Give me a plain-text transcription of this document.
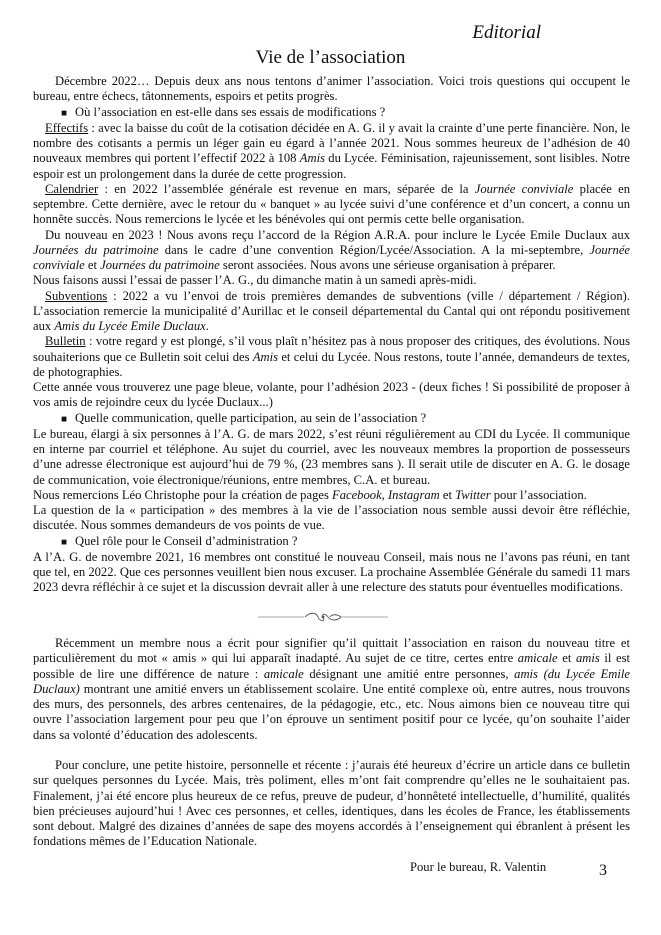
Editorial
Vie de l’association

Décembre 2022… Depuis deux ans nous tentons d’animer l’association. Voici trois questions qui occupent le bureau, entre échecs, tâtonnements, espoirs et petits progrès.

■ Où l’association en est-elle dans ses essais de modifications ?

Effectifs : avec la baisse du coût de la cotisation décidée en A. G. il y avait la crainte d’une perte financière. Non, le nombre des cotisants a permis un léger gain eu égard à l’année 2021. Nous sommes heureux de l’adhésion de 40 nouveaux membres qui portent l’effectif 2022 à 108 Amis du Lycée. Féminisation, rajeunissement, sont lisibles. Notre espoir est un prolongement dans la durée de cette progression.

Calendrier : en 2022 l’assemblée générale est revenue en mars, séparée de la Journée conviviale placée en septembre. Cette dernière, avec le retour du « banquet » au lycée suivi d’une conférence et d’un concert, a connu un honnête succès. Nous remercions le lycée et les bénévoles qui ont permis cette belle organisation.

Du nouveau en 2023 ! Nous avons reçu l’accord de la Région A.R.A. pour inclure le Lycée Emile Duclaux aux Journées du patrimoine dans le cadre d’une convention Région/Lycée/Association. A la mi-septembre, Journée conviviale et Journées du patrimoine seront associées. Nous avons une sérieuse organisation à préparer.

Nous faisons aussi l’essai de passer l’A. G., du dimanche matin à un samedi après-midi.

Subventions : 2022 a vu l’envoi de trois premières demandes de subventions (ville / département / Région). L’association remercie la municipalité d’Aurillac et le conseil départemental du Cantal qui ont répondu positivement aux Amis du Lycée Emile Duclaux.

Bulletin : votre regard y est plongé, s’il vous plaît n’hésitez pas à nous proposer des critiques, des évolutions. Nous souhaiterions que ce Bulletin soit celui des Amis et celui du Lycée. Nous restons, toute l’année, demandeurs de textes, de photographies.

Cette année vous trouverez une page bleue, volante, pour l’adhésion 2023 - (deux fiches ! Si possibilité de proposer à vos amis de rejoindre ceux du lycée Duclaux...)

■ Quelle communication, quelle participation, au sein de l’association ?

Le bureau, élargi à six personnes à l’A. G. de mars 2022, s’est réuni régulièrement au CDI du Lycée. Il communique en interne par courriel et téléphone. Au sujet du courriel, avec les nouveaux membres la proportion de possesseurs d’une adresse électronique est aujourd’hui de 79 %, (23 membres sans ). Il serait utile de discuter en A. G. le dosage de communication, voie électronique/réunions, entre membres, C.A. et bureau.

Nous remercions Léo Christophe pour la création de pages Facebook, Instagram et Twitter pour l’association.

La question de la « participation » des membres à la vie de l’association nous semble aussi devoir être réfléchie, discutée. Nous sommes demandeurs de vos points de vue.

■ Quel rôle pour le Conseil d’administration ?

A l’A. G. de novembre 2021, 16 membres ont constitué le nouveau Conseil, mais nous ne l’avons pas réuni, en tant que tel, en 2022. Que ces personnes veuillent bien nous excuser. La prochaine Assemblée Générale du samedi 11 mars 2023 devra réfléchir à ce sujet et la discussion devrait aller à une relecture des statuts pour éventuelles modifications.

Récemment un membre nous a écrit pour signifier qu’il quittait l’association en raison du nouveau titre et particulièrement du mot « amis » qui lui apparaît inadapté. Au sujet de ce titre, certes entre amicale et amis il est possible de lire une différence de nature : amicale désignant une amitié entre personnes, amis (du Lycée Emile Duclaux) montrant une amitié envers un établissement scolaire. Une entité complexe où, entre autres, nous trouvons des murs, des personnels, des arbres centenaires, de la pédagogie, etc., etc. Nous aimons bien ce nouveau titre qui ouvre l’association largement pour peu que l’on éprouve un sentiment positif pour ce lycée, qu’on souhaite l’aider dans sa volonté d’éducation des adolescents.

Pour conclure, une petite histoire, personnelle et récente : j’aurais été heureux d’écrire un article dans ce bulletin sur quelques personnes du Lycée. Mais, très poliment, elles m’ont fait comprendre qu’elles ne le souhaitaient pas. Finalement, j’ai été encore plus heureux de ce refus, preuve de pudeur, d’honnêteté intellectuelle, d’humilité, qualités bien précieuses aujourd’hui ! Avec ces personnes, et celles, identiques, dans les écoles de France, les établissements sont debout. Malgré des dizaines d’années de sape des moyens accordés à l’enseignement qui ébranlent à présent les fondations mêmes de l’Education Nationale.

Pour le bureau, R. Valentin	3
